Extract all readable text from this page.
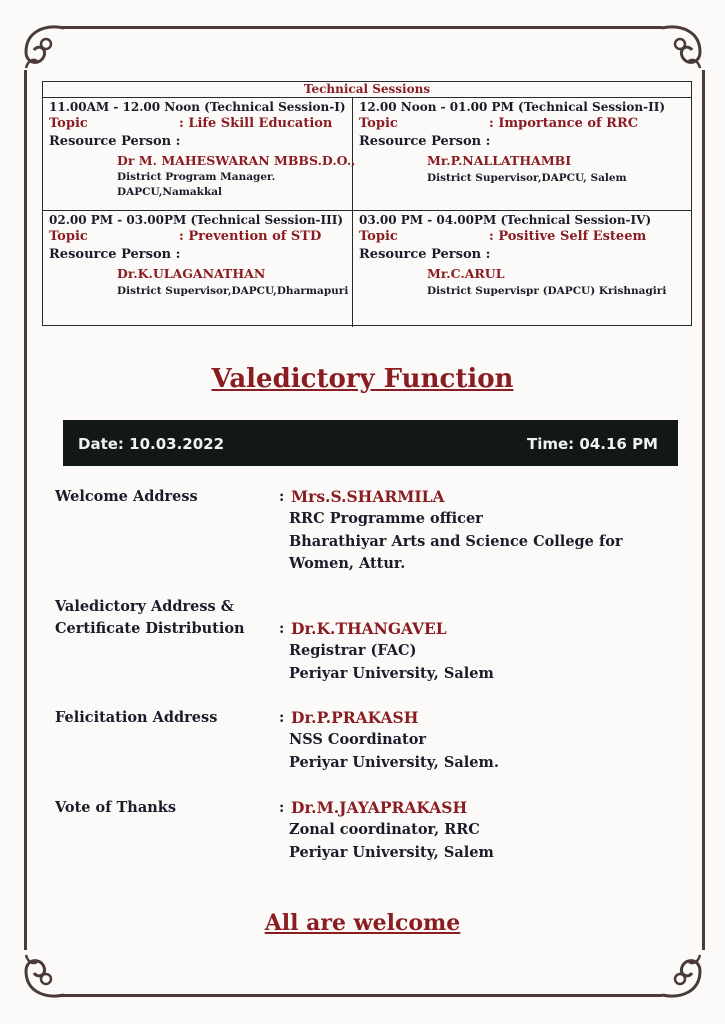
Technical Sessions
11.00AM - 12.00 Noon (Technical Session-I)
Topic	: Life Skill Education
Resource Person :
Dr M. MAHESWARAN MBBS.D.O.,
District Program Manager.
DAPCU,Namakkal
12.00 Noon - 01.00 PM (Technical Session-II)
Topic	: Importance of RRC
Resource Person :
Mr.P.NALLATHAMBI
District Supervisor,DAPCU, Salem
02.00 PM - 03.00PM (Technical Session-III)
Topic	: Prevention of STD
Resource Person :
Dr.K.ULAGANATHAN
District Supervisor,DAPCU,Dharmapuri
03.00 PM - 04.00PM (Technical Session-IV)
Topic	: Positive Self Esteem
Resource Person :
Mr.C.ARUL
District Supervispr (DAPCU) Krishnagiri
Valedictory Function
Date: 10.03.2022	Time: 04.16 PM
Welcome Address	: Mrs.S.SHARMILA
RRC Programme officer
Bharathiyar Arts and Science College for
Women, Attur.
Valedictory Address &
Certificate Distribution	: Dr.K.THANGAVEL
Registrar (FAC)
Periyar University, Salem
Felicitation Address	: Dr.P.PRAKASH
NSS Coordinator
Periyar University, Salem.
Vote of Thanks	: Dr.M.JAYAPRAKASH
Zonal coordinator, RRC
Periyar University, Salem
All are welcome
